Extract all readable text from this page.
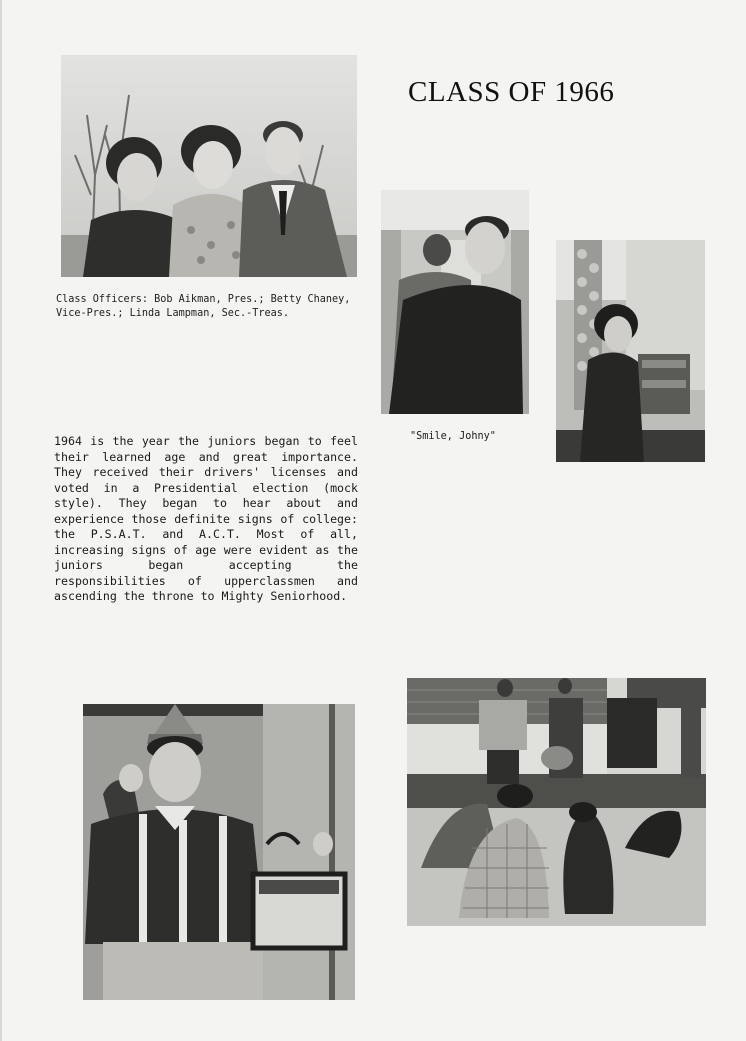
CLASS OF 1966
Class Officers: Bob Aikman, Pres.; Betty Chaney, Vice-Pres.; Linda Lampman, Sec.-Treas.
"Smile, Johny"
1964 is the year the juniors began to feel their learned age and great importance. They received their drivers' licenses and voted in a Presidential election (mock style). They began to hear about and experience those definite signs of college: the P.S.A.T. and A.C.T. Most of all, increasing signs of age were evident as the juniors began accepting the responsibilities of upperclassmen and ascending the throne to Mighty Seniorhood.
